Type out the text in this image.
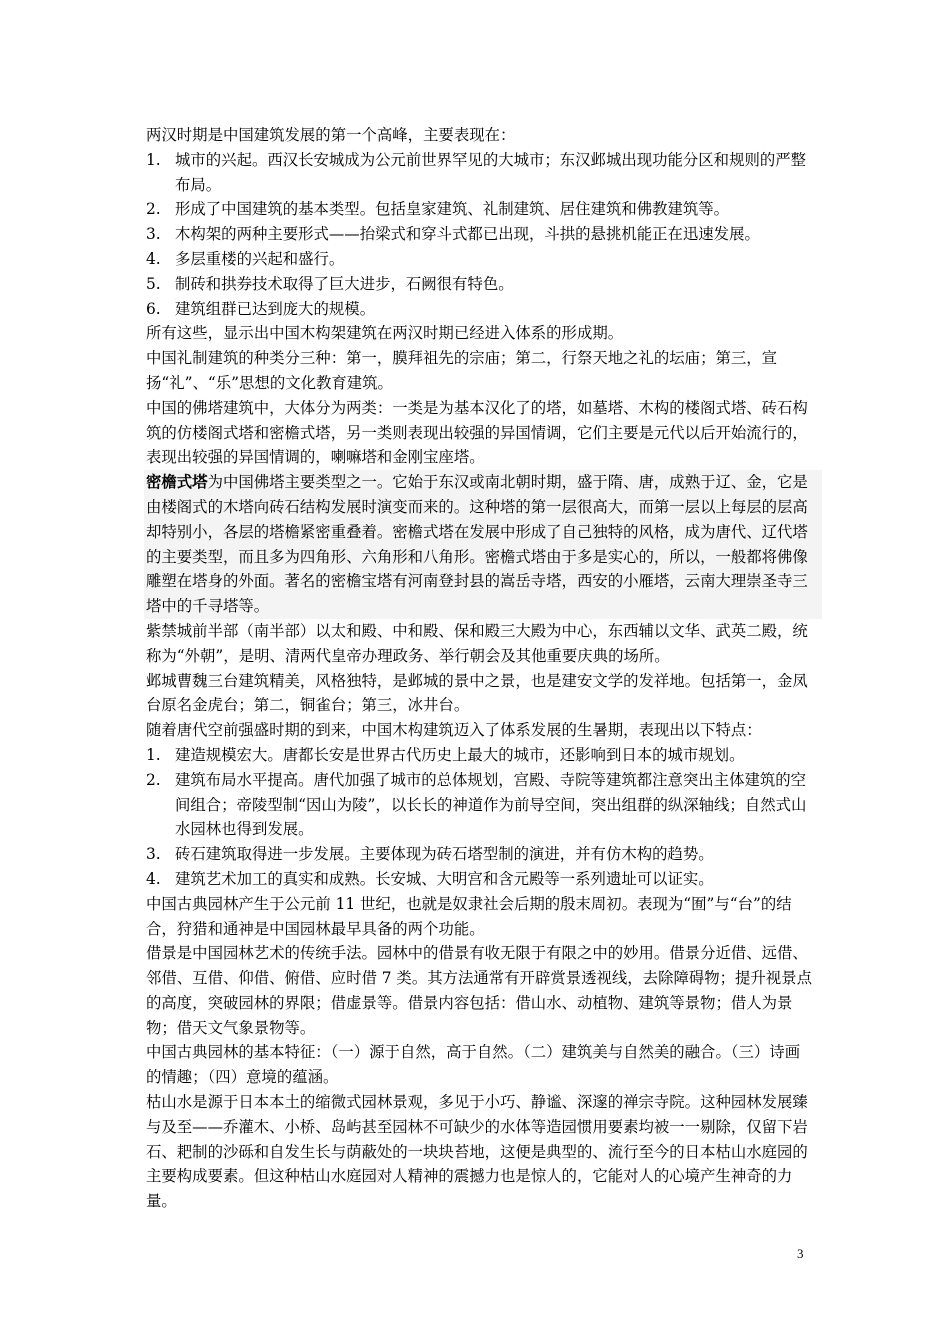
两汉时期是中国建筑发展的第一个高峰，主要表现在：

1. 城市的兴起。西汉长安城成为公元前世界罕见的大城市；东汉邺城出现功能分区和规则的严整布局。
2. 形成了中国建筑的基本类型。包括皇家建筑、礼制建筑、居住建筑和佛教建筑等。
3. 木构架的两种主要形式——抬梁式和穿斗式都已出现，斗拱的悬挑机能正在迅速发展。
4. 多层重楼的兴起和盛行。
5. 制砖和拱券技术取得了巨大进步，石阙很有特色。
6. 建筑组群已达到庞大的规模。

所有这些，显示出中国木构架建筑在两汉时期已经进入体系的形成期。

中国礼制建筑的种类分三种：第一，膜拜祖先的宗庙；第二，行祭天地之礼的坛庙；第三，宣扬“礼”、“乐”思想的文化教育建筑。

中国的佛塔建筑中，大体分为两类：一类是为基本汉化了的塔，如墓塔、木构的楼阁式塔、砖石构筑的仿楼阁式塔和密檐式塔，另一类则表现出较强的异国情调，它们主要是元代以后开始流行的，表现出较强的异国情调的，喇嘛塔和金刚宝座塔。

密檐式塔为中国佛塔主要类型之一。它始于东汉或南北朝时期，盛于隋、唐，成熟于辽、金，它是由楼阁式的木塔向砖石结构发展时演变而来的。这种塔的第一层很高大，而第一层以上每层的层高却特别小，各层的塔檐紧密重叠着。密檐式塔在发展中形成了自己独特的风格，成为唐代、辽代塔的主要类型，而且多为四角形、六角形和八角形。密檐式塔由于多是实心的，所以，一般都将佛像雕塑在塔身的外面。著名的密檐宝塔有河南登封县的嵩岳寺塔，西安的小雁塔，云南大理崇圣寺三塔中的千寻塔等。

紫禁城前半部（南半部）以太和殿、中和殿、保和殿三大殿为中心，东西辅以文华、武英二殿，统称为“外朝”，是明、清两代皇帝办理政务、举行朝会及其他重要庆典的场所。

邺城曹魏三台建筑精美，风格独特，是邺城的景中之景，也是建安文学的发祥地。包括第一，金凤台原名金虎台；第二，铜雀台；第三，冰井台。

随着唐代空前强盛时期的到来，中国木构建筑迈入了体系发展的生暑期，表现出以下特点：

1. 建造规模宏大。唐都长安是世界古代历史上最大的城市，还影响到日本的城市规划。
2. 建筑布局水平提高。唐代加强了城市的总体规划，宫殿、寺院等建筑都注意突出主体建筑的空间组合；帝陵型制“因山为陵”，以长长的神道作为前导空间，突出组群的纵深轴线；自然式山水园林也得到发展。
3. 砖石建筑取得进一步发展。主要体现为砖石塔型制的演进，并有仿木构的趋势。
4. 建筑艺术加工的真实和成熟。长安城、大明宫和含元殿等一系列遗址可以证实。

中国古典园林产生于公元前 11 世纪，也就是奴隶社会后期的殷末周初。表现为“囿”与“台”的结合，狩猎和通神是中国园林最早具备的两个功能。

借景是中国园林艺术的传统手法。园林中的借景有收无限于有限之中的妙用。借景分近借、远借、邻借、互借、仰借、俯借、应时借 7 类。其方法通常有开辟赏景透视线，去除障碍物；提升视景点的高度，突破园林的界限；借虚景等。借景内容包括：借山水、动植物、建筑等景物；借人为景物；借天文气象景物等。

中国古典园林的基本特征：（一）源于自然，高于自然。（二）建筑美与自然美的融合。（三）诗画的情趣；（四）意境的蕴涵。

枯山水是源于日本本土的缩微式园林景观，多见于小巧、静谧、深邃的禅宗寺院。这种园林发展臻与及至——乔灌木、小桥、岛屿甚至园林不可缺少的水体等造园惯用要素均被一一剔除，仅留下岩石、耙制的沙砾和自发生长与荫蔽处的一块块苔地，这便是典型的、流行至今的日本枯山水庭园的主要构成要素。但这种枯山水庭园对人精神的震撼力也是惊人的，它能对人的心境产生神奇的力量。

3
